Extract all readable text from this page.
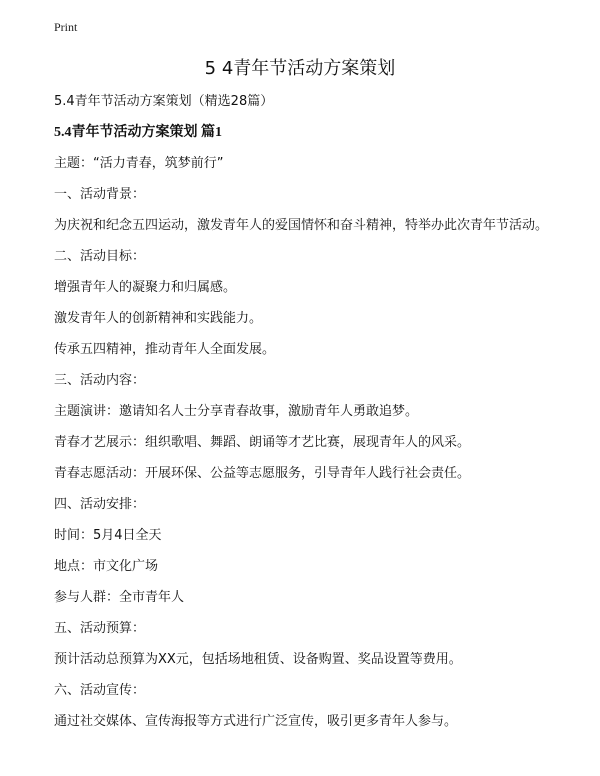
Print
5 4青年节活动方案策划

5.4青年节活动方案策划（精选28篇）

5.4青年节活动方案策划 篇1

主题：“活力青春，筑梦前行”

一、活动背景：

为庆祝和纪念五四运动，激发青年人的爱国情怀和奋斗精神，特举办此次青年节活动。

二、活动目标：

增强青年人的凝聚力和归属感。

激发青年人的创新精神和实践能力。

传承五四精神，推动青年人全面发展。

三、活动内容：

主题演讲：邀请知名人士分享青春故事，激励青年人勇敢追梦。

青春才艺展示：组织歌唱、舞蹈、朗诵等才艺比赛，展现青年人的风采。

青春志愿活动：开展环保、公益等志愿服务，引导青年人践行社会责任。

四、活动安排：

时间：5月4日全天

地点：市文化广场

参与人群：全市青年人

五、活动预算：

预计活动总预算为XX元，包括场地租赁、设备购置、奖品设置等费用。

六、活动宣传：

通过社交媒体、宣传海报等方式进行广泛宣传，吸引更多青年人参与。
